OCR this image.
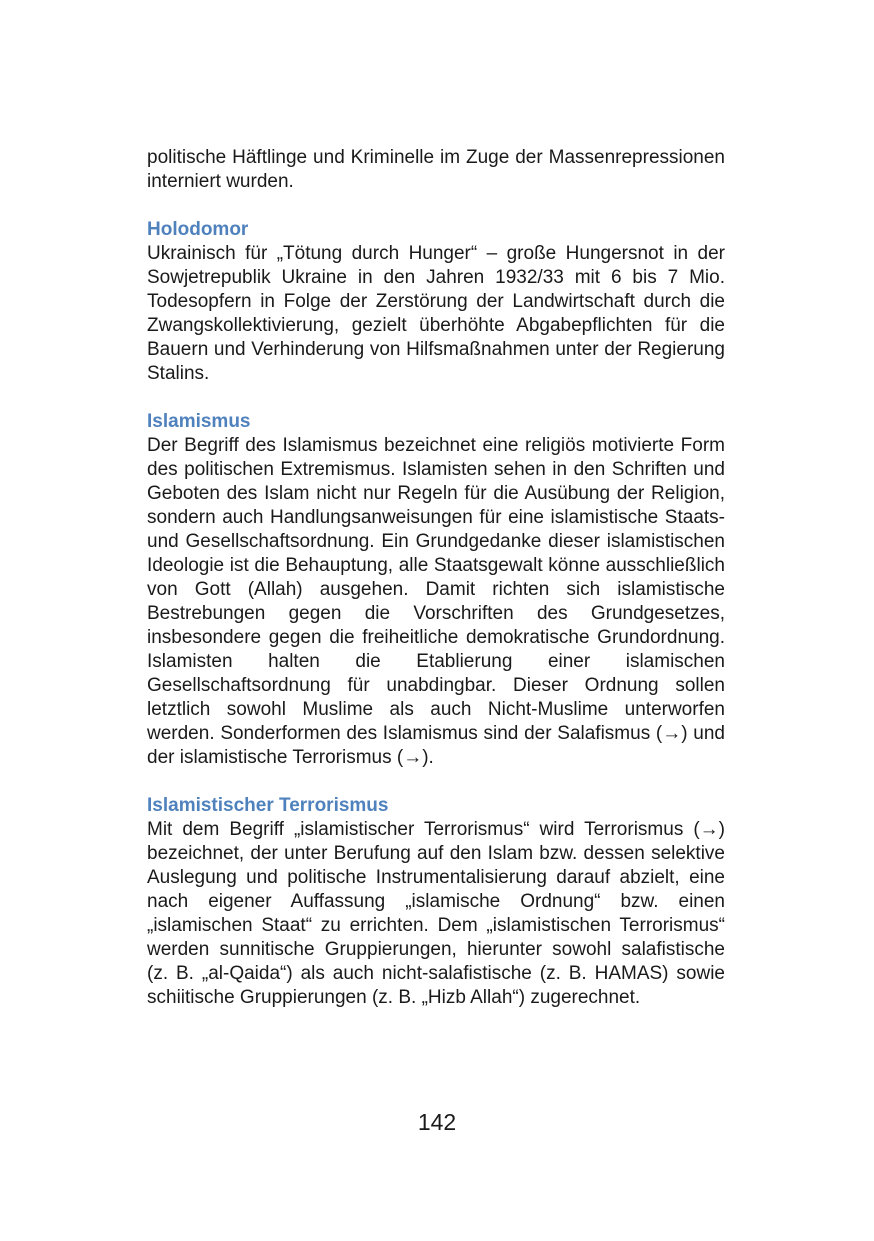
politische Häftlinge und Kriminelle im Zuge der Massenrepressionen interniert wurden.

Holodomor

Ukrainisch für „Tötung durch Hunger“ – große Hungersnot in der Sowjetrepublik Ukraine in den Jahren 1932/33 mit 6 bis 7 Mio. Todesopfern in Folge der Zerstörung der Landwirtschaft durch die Zwangskollektivierung, gezielt überhöhte Abgabepflichten für die Bauern und Verhinderung von Hilfsmaßnahmen unter der Regierung Stalins.

Islamismus

Der Begriff des Islamismus bezeichnet eine religiös motivierte Form des politischen Extremismus. Islamisten sehen in den Schriften und Geboten des Islam nicht nur Regeln für die Ausübung der Religion, sondern auch Handlungsanweisungen für eine islamistische Staats- und Gesellschaftsordnung. Ein Grundgedanke dieser islamistischen Ideologie ist die Behauptung, alle Staatsgewalt könne ausschließlich von Gott (Allah) ausgehen. Damit richten sich islamistische Bestrebungen gegen die Vorschriften des Grundgesetzes, insbesondere gegen die freiheitliche demokratische Grundordnung. Islamisten halten die Etablierung einer islamischen Gesellschaftsordnung für unabdingbar. Dieser Ordnung sollen letztlich sowohl Muslime als auch Nicht-Muslime unterworfen werden. Sonderformen des Islamismus sind der Salafismus (→) und der islamistische Terrorismus (→).

Islamistischer Terrorismus

Mit dem Begriff „islamistischer Terrorismus“ wird Terrorismus (→) bezeichnet, der unter Berufung auf den Islam bzw. dessen selektive Auslegung und politische Instrumentalisierung darauf abzielt, eine nach eigener Auffassung „islamische Ordnung“ bzw. einen „islamischen Staat“ zu errichten. Dem „islamistischen Terrorismus“ werden sunnitische Gruppierungen, hierunter sowohl salafistische (z. B. „al-Qaida“) als auch nicht-salafistische (z. B. HAMAS) sowie schiitische Gruppierungen (z. B. „Hizb Allah“) zugerechnet.

142
